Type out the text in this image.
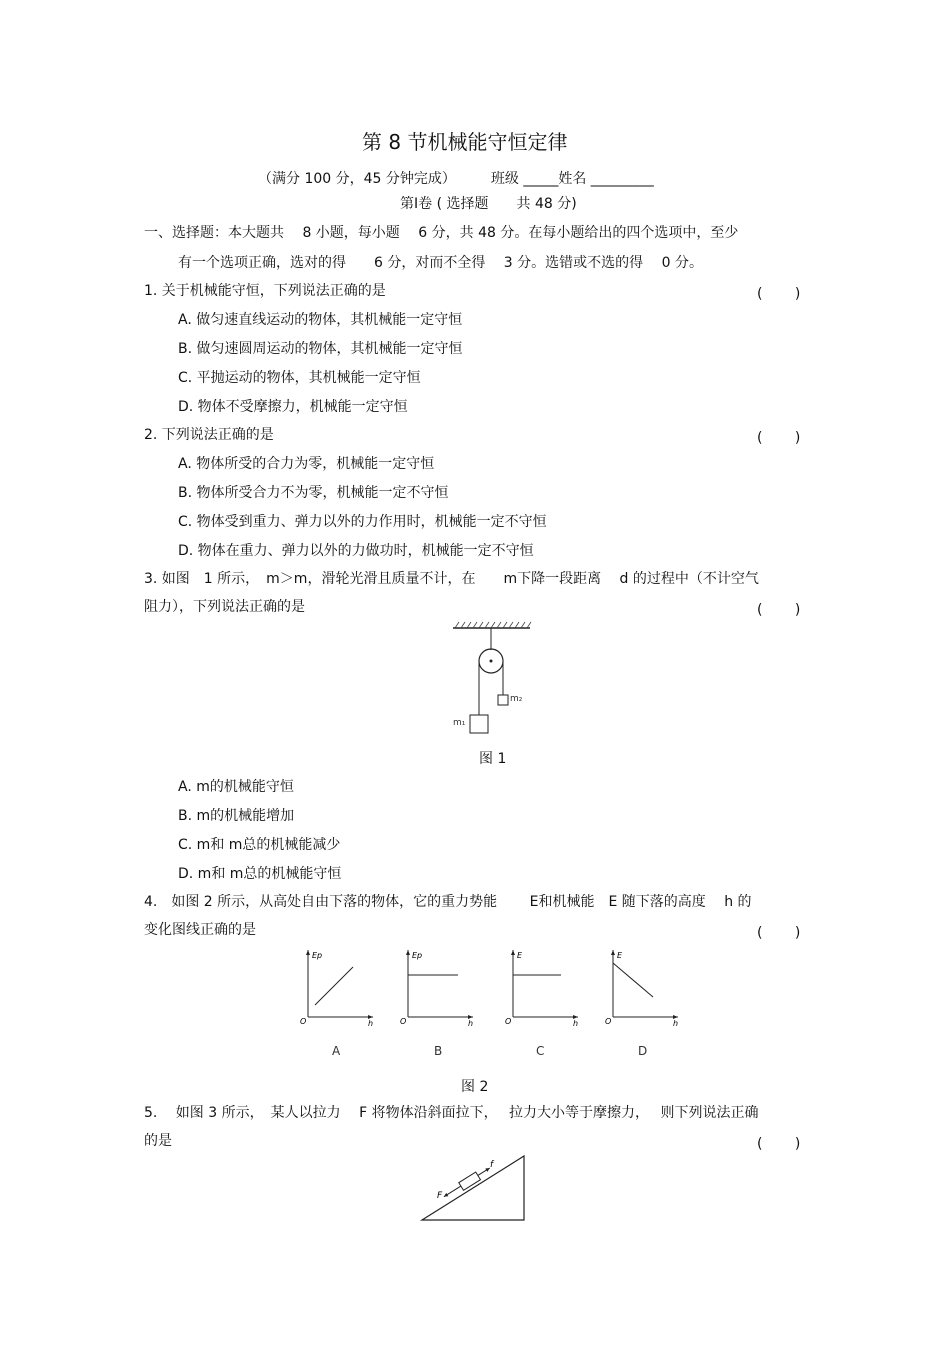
第 8 节机械能守恒定律
（满分 100 分，45 分钟完成）　　　班级 _____姓名 _________
第Ⅰ卷 ( 选择题　　共 48 分)
一、选择题：本大题共　 8 小题，每小题　 6 分，共 48 分。在每小题给出的四个选项中，至少
有一个选项正确，选对的得　　6 分，对而不全得　 3 分。选错或不选的得　 0 分。
1. 关于机械能守恒，下列说法正确的是	(　　 )
A. 做匀速直线运动的物体，其机械能一定守恒
B. 做匀速圆周运动的物体，其机械能一定守恒
C. 平抛运动的物体，其机械能一定守恒
D. 物体不受摩擦力，机械能一定守恒
2. 下列说法正确的是	(　　 )
A. 物体所受的合力为零，机械能一定守恒
B. 物体所受合力不为零，机械能一定不守恒
C. 物体受到重力、弹力以外的力作用时，机械能一定不守恒
D. 物体在重力、弹力以外的力做功时，机械能一定不守恒
3. 如图　1 所示，　m＞m，滑轮光滑且质量不计，在　　m下降一段距离　 d 的过程中（不计空气
阻力），下列说法正确的是	(　　 )
m₁
m₂
图 1
A. m的机械能守恒
B. m的机械能增加
C. m和 m总的机械能减少
D. m和 m总的机械能守恒
4.　如图 2 所示，从高处自由下落的物体，它的重力势能　　 E和机械能　E 随下落的高度　 h 的
变化图线正确的是	(　　 )
Ep
O	h
Ep
O	h
E
O	h
E
O	h
A	B	C	D
图 2
5.　 如图 3 所示，　某人以拉力　 F 将物体沿斜面拉下，　 拉力大小等于摩擦力，　 则下列说法正确
的是	(　　 )
F
f
